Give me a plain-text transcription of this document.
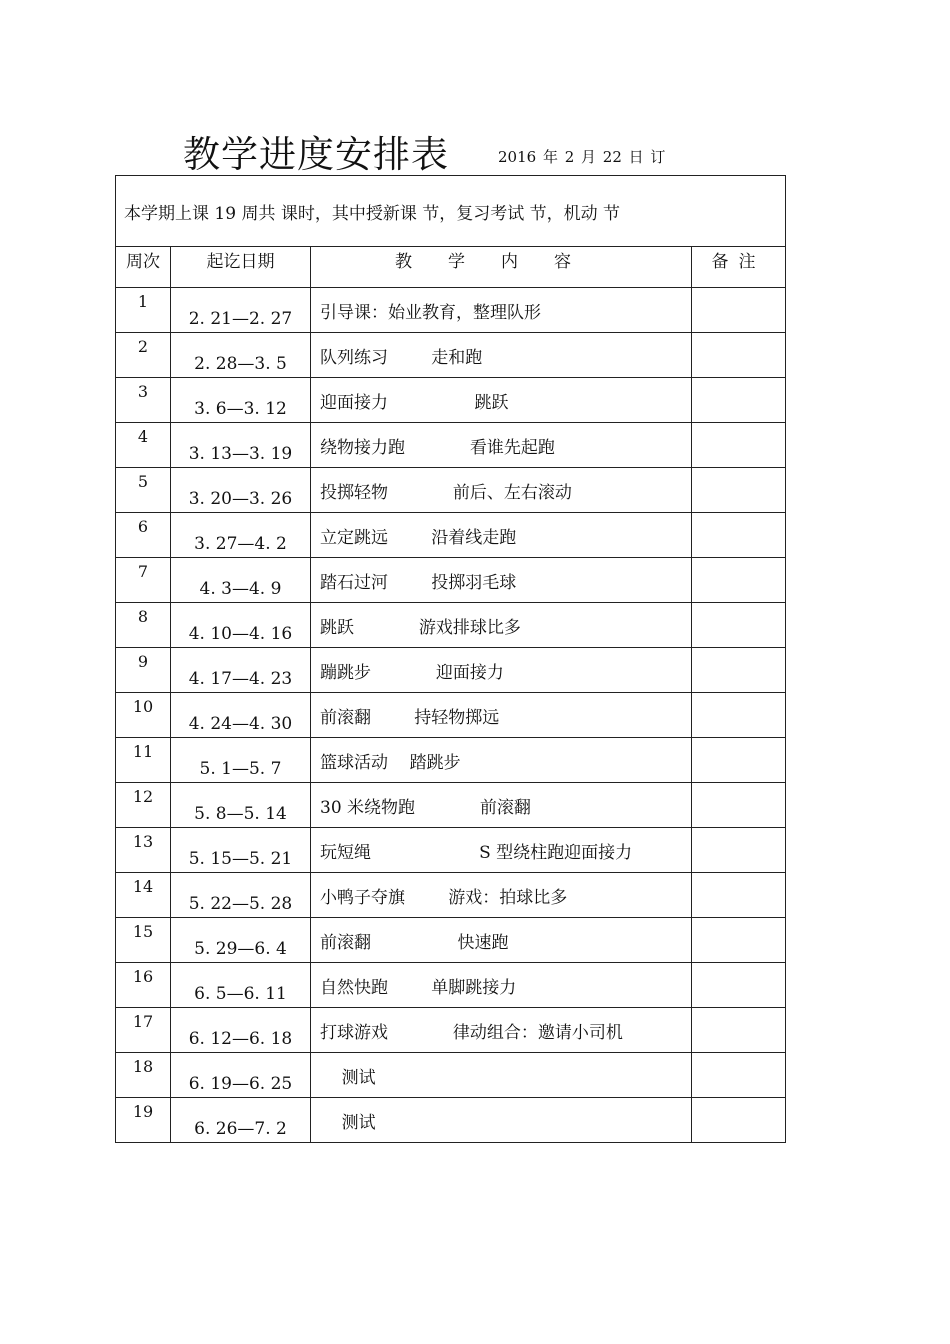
教学进度安排表	2016 年 2 月 22 日 订
本学期上课 19 周共 课时，其中授新课 节，复习考试 节，机动 节			
周次	起讫日期	教学内容	备注
1	2. 21—2. 27	引导课：始业教育，整理队形	
2	2. 28—3. 5	队列练习        走和跑	
3	3. 6—3. 12	迎面接力                跳跃	
4	3. 13—3. 19	绕物接力跑            看谁先起跑	
5	3. 20—3. 26	投掷轻物            前后、左右滚动	
6	3. 27—4. 2	立定跳远        沿着线走跑	
7	4. 3—4. 9	踏石过河        投掷羽毛球	
8	4. 10—4. 16	跳跃            游戏排球比多	
9	4. 17—4. 23	蹦跳步            迎面接力	
10	4. 24—4. 30	前滚翻        持轻物掷远	
11	5. 1—5. 7	篮球活动    踏跳步	
12	5. 8—5. 14	30 米绕物跑            前滚翻	
13	5. 15—5. 21	玩短绳                    S 型绕柱跑迎面接力	
14	5. 22—5. 28	小鸭子夺旗        游戏：拍球比多	
15	5. 29—6. 4	前滚翻                快速跑	
16	6. 5—6. 11	自然快跑        单脚跳接力	
17	6. 12—6. 18	打球游戏            律动组合：邀请小司机	
18	6. 19—6. 25	测试	
19	6. 26—7. 2	测试	
